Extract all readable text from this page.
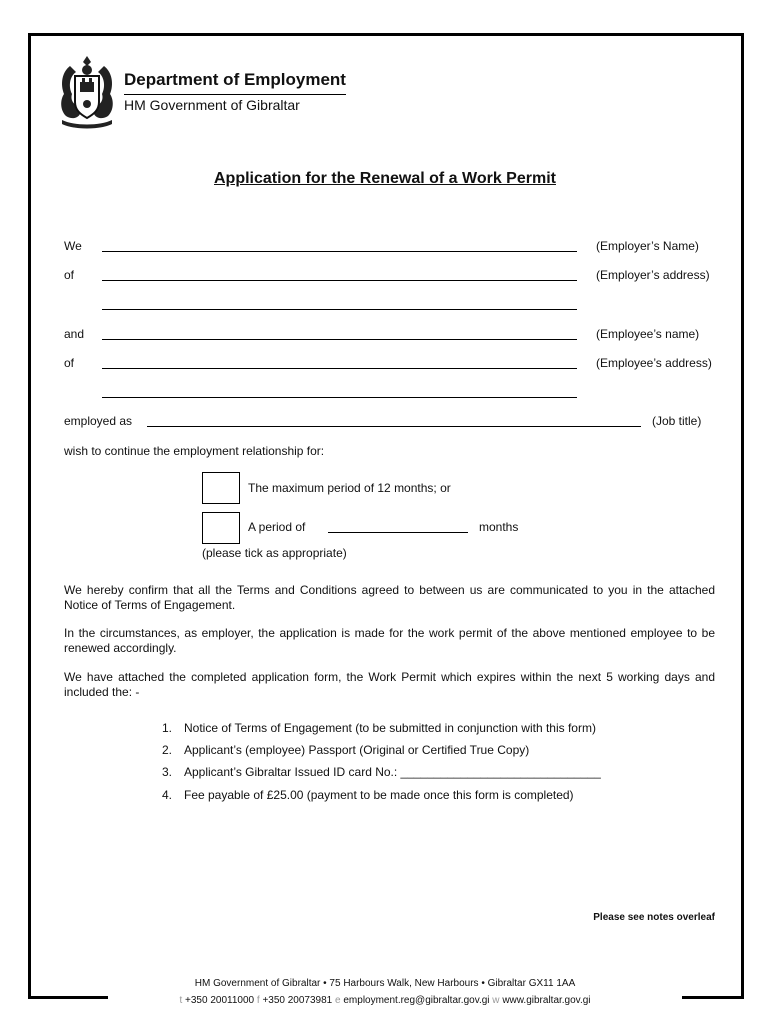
Department of Employment
HM Government of Gibraltar
Application for the Renewal of a Work Permit
We	(Employer’s Name)
of	(Employer’s address)
and	(Employee’s name)
of	(Employee’s address)
employed as	(Job title)
wish to continue the employment relationship for:
The maximum period of 12 months; or
A period of	months
(please tick as appropriate)
We hereby confirm that all the Terms and Conditions agreed to between us are communicated to you in the attached Notice of Terms of Engagement.
In the circumstances, as employer, the application is made for the work permit of the above mentioned employee to be renewed accordingly.
We have attached the completed application form, the Work Permit which expires within the next 5 working days and included the: -
1. Notice of Terms of Engagement (to be submitted in conjunction with this form)
2. Applicant’s (employee) Passport (Original or Certified True Copy)
3. Applicant’s Gibraltar Issued ID card No.: ______________________________
4. Fee payable of £25.00 (payment to be made once this form is completed)
Please see notes overleaf
HM Government of Gibraltar • 75 Harbours Walk, New Harbours • Gibraltar GX11 1AA
t +350 20011000 f +350 20073981 e employment.reg@gibraltar.gov.gi w www.gibraltar.gov.gi
